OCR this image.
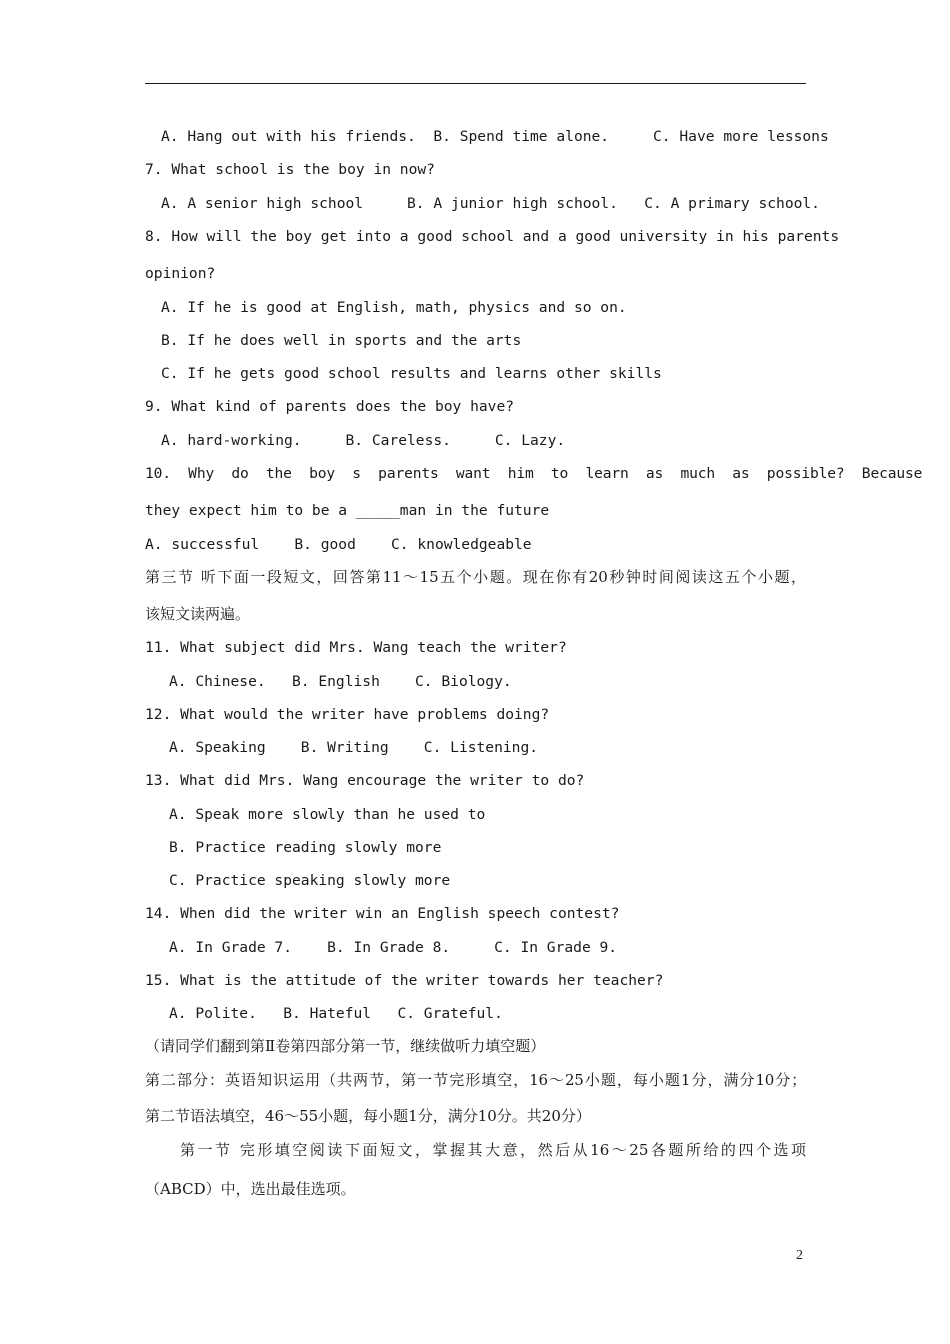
A. Hang out with his friends.  B. Spend time alone.     C. Have more lessons
7. What school is the boy in now?
A. A senior high school     B. A junior high school.   C. A primary school.
8. How will the boy get into a good school and a good university in his parents
opinion?
A. If he is good at English, math, physics and so on.
B. If he does well in sports and the arts
C. If he gets good school results and learns other skills
9. What kind of parents does the boy have?
A. hard-working.     B. Careless.     C. Lazy.
10.  Why  do  the  boy  s  parents  want  him  to  learn  as  much  as  possible?  Because
they expect him to be a _____man in the future
A. successful    B. good    C. knowledgeable
第三节 听下面一段短文，回答第11～15五个小题。现在你有20秒钟时间阅读这五个小题，
该短文读两遍。
11. What subject did Mrs. Wang teach the writer?
A. Chinese.   B. English    C. Biology.
12. What would the writer have problems doing?
A. Speaking    B. Writing    C. Listening.
13. What did Mrs. Wang encourage the writer to do?
A. Speak more slowly than he used to
B. Practice reading slowly more
C. Practice speaking slowly more
14. When did the writer win an English speech contest?
A. In Grade 7.    B. In Grade 8.     C. In Grade 9.
15. What is the attitude of the writer towards her teacher?
A. Polite.   B. Hateful   C. Grateful.
（请同学们翻到第Ⅱ卷第四部分第一节，继续做听力填空题）
第二部分：英语知识运用（共两节，第一节完形填空，16～25小题，每小题1分，满分10分；
第二节语法填空，46～55小题，每小题1分，满分10分。共20分）
　　第一节 完形填空阅读下面短文，掌握其大意，然后从16～25各题所给的四个选项
（ABCD）中，选出最佳选项。
2
